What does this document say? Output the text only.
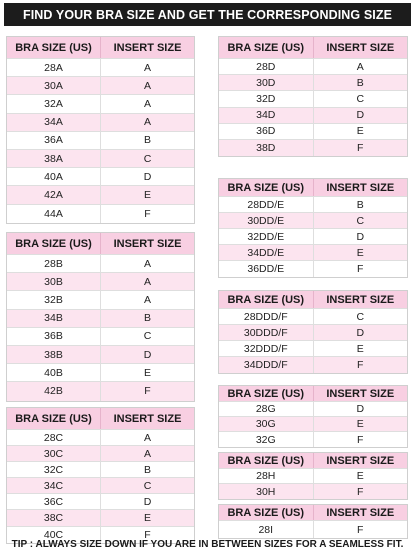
FIND YOUR BRA SIZE AND GET THE CORRESPONDING SIZE
BRA SIZE (US)	INSERT SIZE
28A	A
30A	A
32A	A
34A	A
36A	B
38A	C
40A	D
42A	E
44A	F
BRA SIZE (US)	INSERT SIZE
28B	A
30B	A
32B	A
34B	B
36B	C
38B	D
40B	E
42B	F
BRA SIZE (US)	INSERT SIZE
28C	A
30C	A
32C	B
34C	C
36C	D
38C	E
40C	F
BRA SIZE (US)	INSERT SIZE
28D	A
30D	B
32D	C
34D	D
36D	E
38D	F
BRA SIZE (US)	INSERT SIZE
28DD/E	B
30DD/E	C
32DD/E	D
34DD/E	E
36DD/E	F
BRA SIZE (US)	INSERT SIZE
28DDD/F	C
30DDD/F	D
32DDD/F	E
34DDD/F	F
BRA SIZE (US)	INSERT SIZE
28G	D
30G	E
32G	F
BRA SIZE (US)	INSERT SIZE
28H	E
30H	F
BRA SIZE (US)	INSERT SIZE
28I	F
TIP : ALWAYS SIZE DOWN IF YOU ARE IN BETWEEN SIZES FOR A SEAMLESS FIT.
